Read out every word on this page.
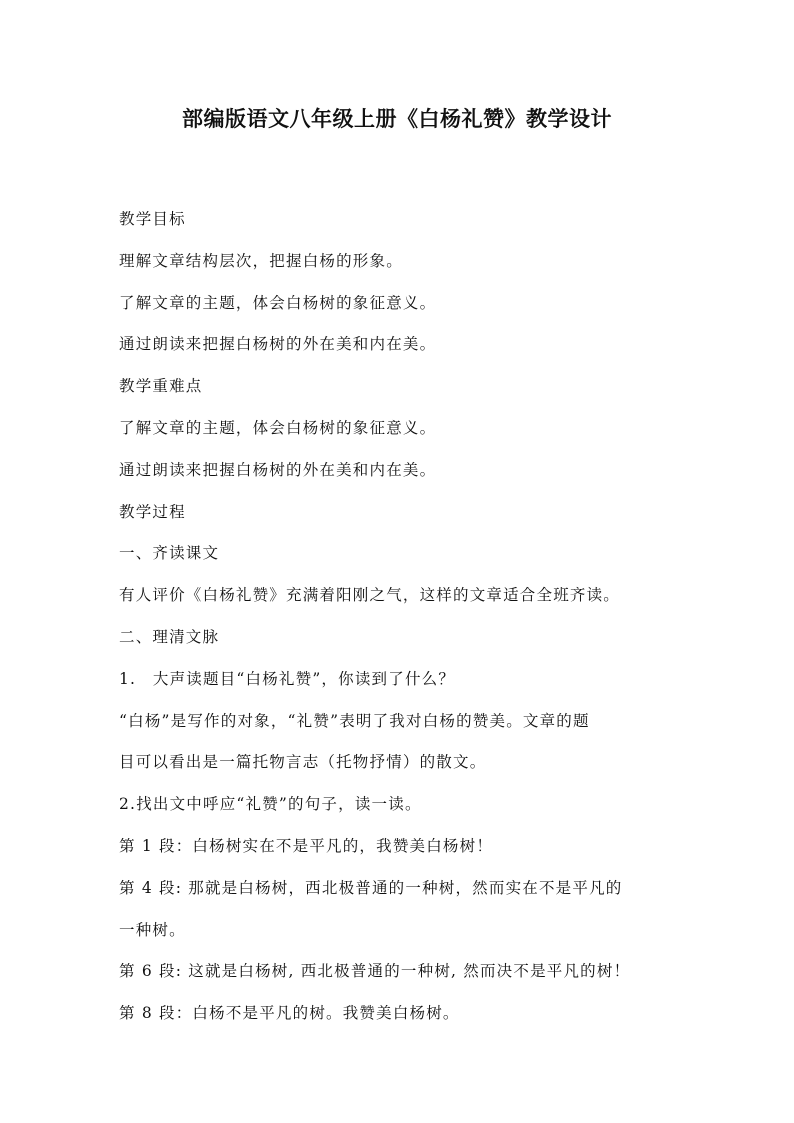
部编版语文八年级上册《白杨礼赞》教学设计
教学目标
理解文章结构层次，把握白杨的形象。
了解文章的主题，体会白杨树的象征意义。
通过朗读来把握白杨树的外在美和内在美。
教学重难点
了解文章的主题，体会白杨树的象征意义。
通过朗读来把握白杨树的外在美和内在美。
教学过程
一、齐读课文
有人评价《白杨礼赞》充满着阳刚之气，这样的文章适合全班齐读。
二、理清文脉
1.　大声读题目“白杨礼赞”，你读到了什么？
“白杨”是写作的对象，“礼赞”表明了我对白杨的赞美。文章的题
目可以看出是一篇托物言志（托物抒情）的散文。
2.找出文中呼应“礼赞”的句子，读一读。
第 1 段：白杨树实在不是平凡的，我赞美白杨树！
第 4 段: 那就是白杨树，西北极普通的一种树，然而实在不是平凡的
一种树。
第 6 段: 这就是白杨树, 西北极普通的一种树, 然而决不是平凡的树！
第 8 段：白杨不是平凡的树。我赞美白杨树。
